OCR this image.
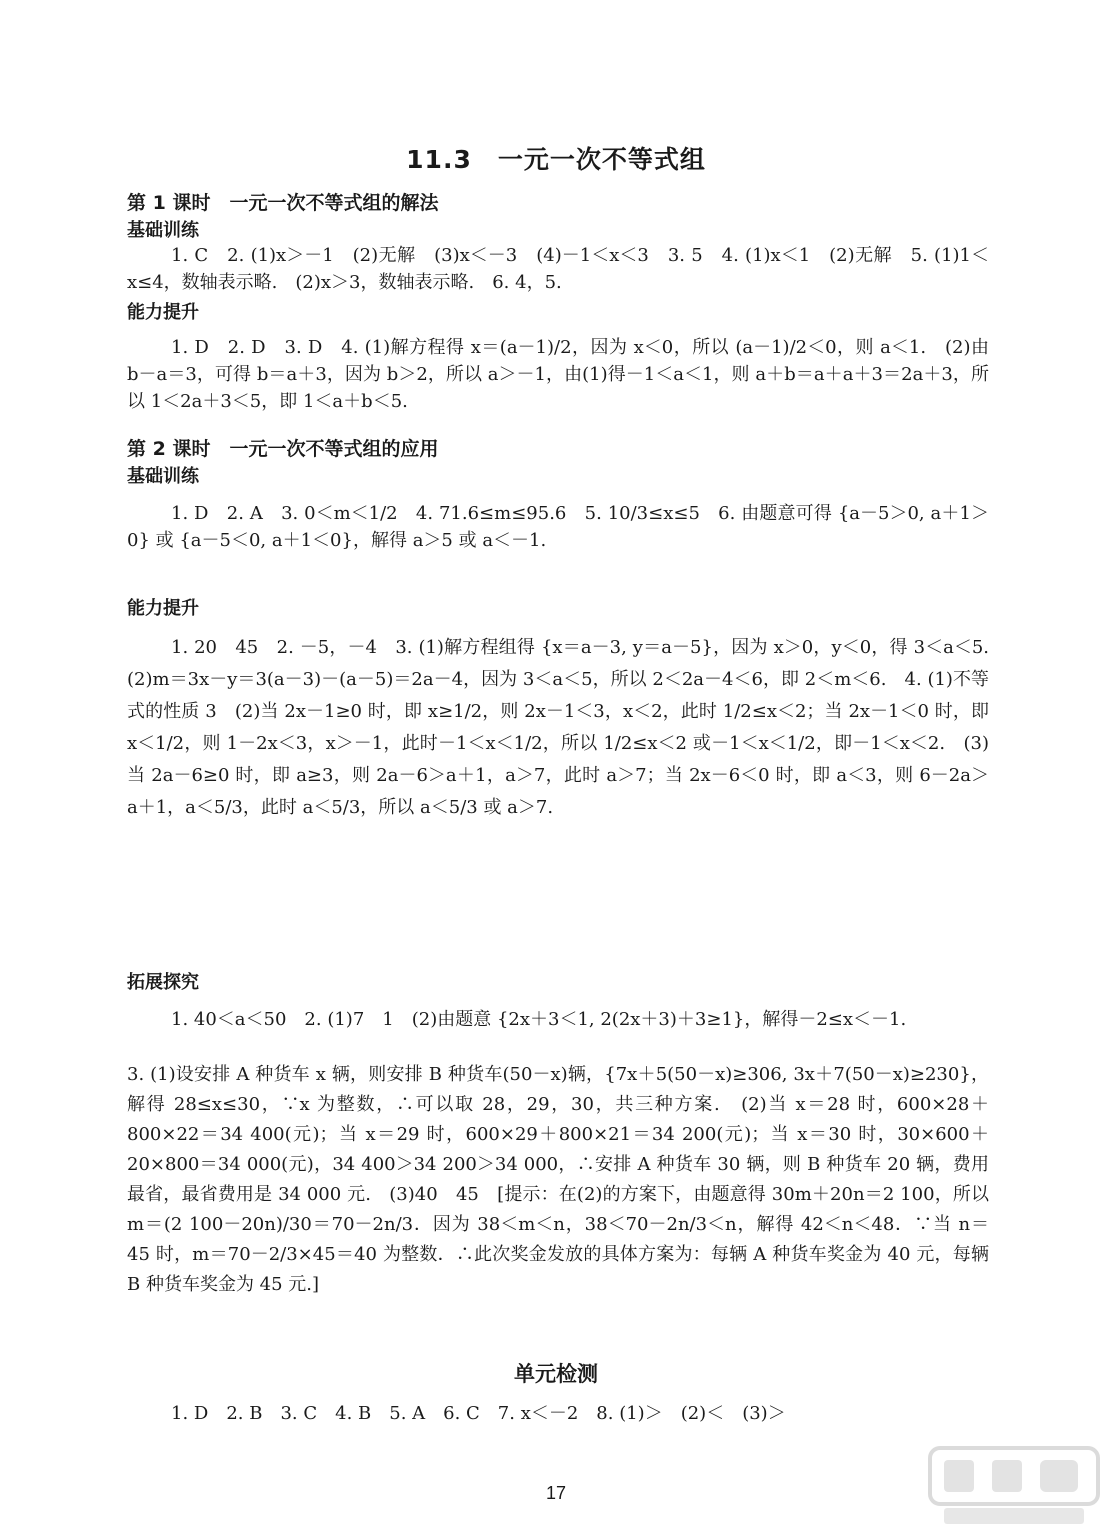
11.3　一元一次不等式组
第 1 课时　一元一次不等式组的解法
基础训练
1. C　2. (1)x＞－1　(2)无解　(3)x＜－3　(4)－1＜x＜3　3. 5　4. (1)x＜1　(2)无解　5. (1)1＜x≤4，数轴表示略.　(2)x＞3，数轴表示略.　6. 4，5.
能力提升
1. D　2. D　3. D　4. (1)解方程得 x＝(a－1)/2，因为 x＜0，所以 (a－1)/2＜0，则 a＜1.　(2)由 b－a＝3，可得 b＝a＋3，因为 b＞2，所以 a＞－1，由(1)得－1＜a＜1，则 a＋b＝a＋a＋3＝2a＋3，所以 1＜2a＋3＜5，即 1＜a＋b＜5.
第 2 课时　一元一次不等式组的应用
基础训练
1. D　2. A　3. 0＜m＜1/2　4. 71.6≤m≤95.6　5. 10/3≤x≤5　6. 由题意可得 {a－5＞0, a＋1＞0} 或 {a－5＜0, a＋1＜0}，解得 a＞5 或 a＜－1.
能力提升
1. 20　45　2. －5，－4　3. (1)解方程组得 {x＝a－3, y＝a－5}，因为 x＞0，y＜0，得 3＜a＜5.　(2)m＝3x－y＝3(a－3)－(a－5)＝2a－4，因为 3＜a＜5，所以 2＜2a－4＜6，即 2＜m＜6.　4. (1)不等式的性质 3　(2)当 2x－1≥0 时，即 x≥1/2，则 2x－1＜3，x＜2，此时 1/2≤x＜2；当 2x－1＜0 时，即 x＜1/2，则 1－2x＜3，x＞－1，此时－1＜x＜1/2，所以 1/2≤x＜2 或－1＜x＜1/2，即－1＜x＜2.　(3)当 2a－6≥0 时，即 a≥3，则 2a－6＞a＋1，a＞7，此时 a＞7；当 2x－6＜0 时，即 a＜3，则 6－2a＞a＋1，a＜5/3，此时 a＜5/3，所以 a＜5/3 或 a＞7.
拓展探究
1. 40＜a＜50　2. (1)7　1　(2)由题意 {2x＋3＜1, 2(2x＋3)＋3≥1}，解得－2≤x＜－1.
3. (1)设安排 A 种货车 x 辆，则安排 B 种货车(50－x)辆，{7x＋5(50－x)≥306, 3x＋7(50－x)≥230}，解得 28≤x≤30，∵x 为整数，∴可以取 28，29，30，共三种方案.　(2)当 x＝28 时，600×28＋800×22＝34 400(元)；当 x＝29 时，600×29＋800×21＝34 200(元)；当 x＝30 时，30×600＋20×800＝34 000(元)，34 400＞34 200＞34 000，∴安排 A 种货车 30 辆，则 B 种货车 20 辆，费用最省，最省费用是 34 000 元.　(3)40　45　[提示：在(2)的方案下，由题意得 30m＋20n＝2 100，所以 m＝(2 100－20n)/30＝70－2n/3．因为 38＜m＜n，38＜70－2n/3＜n，解得 42＜n＜48．∵当 n＝45 时，m＝70－2/3×45＝40 为整数．∴此次奖金发放的具体方案为：每辆 A 种货车奖金为 40 元，每辆 B 种货车奖金为 45 元.]
单元检测
1. D　2. B　3. C　4. B　5. A　6. C　7. x＜－2　8. (1)＞　(2)＜　(3)＞
17
